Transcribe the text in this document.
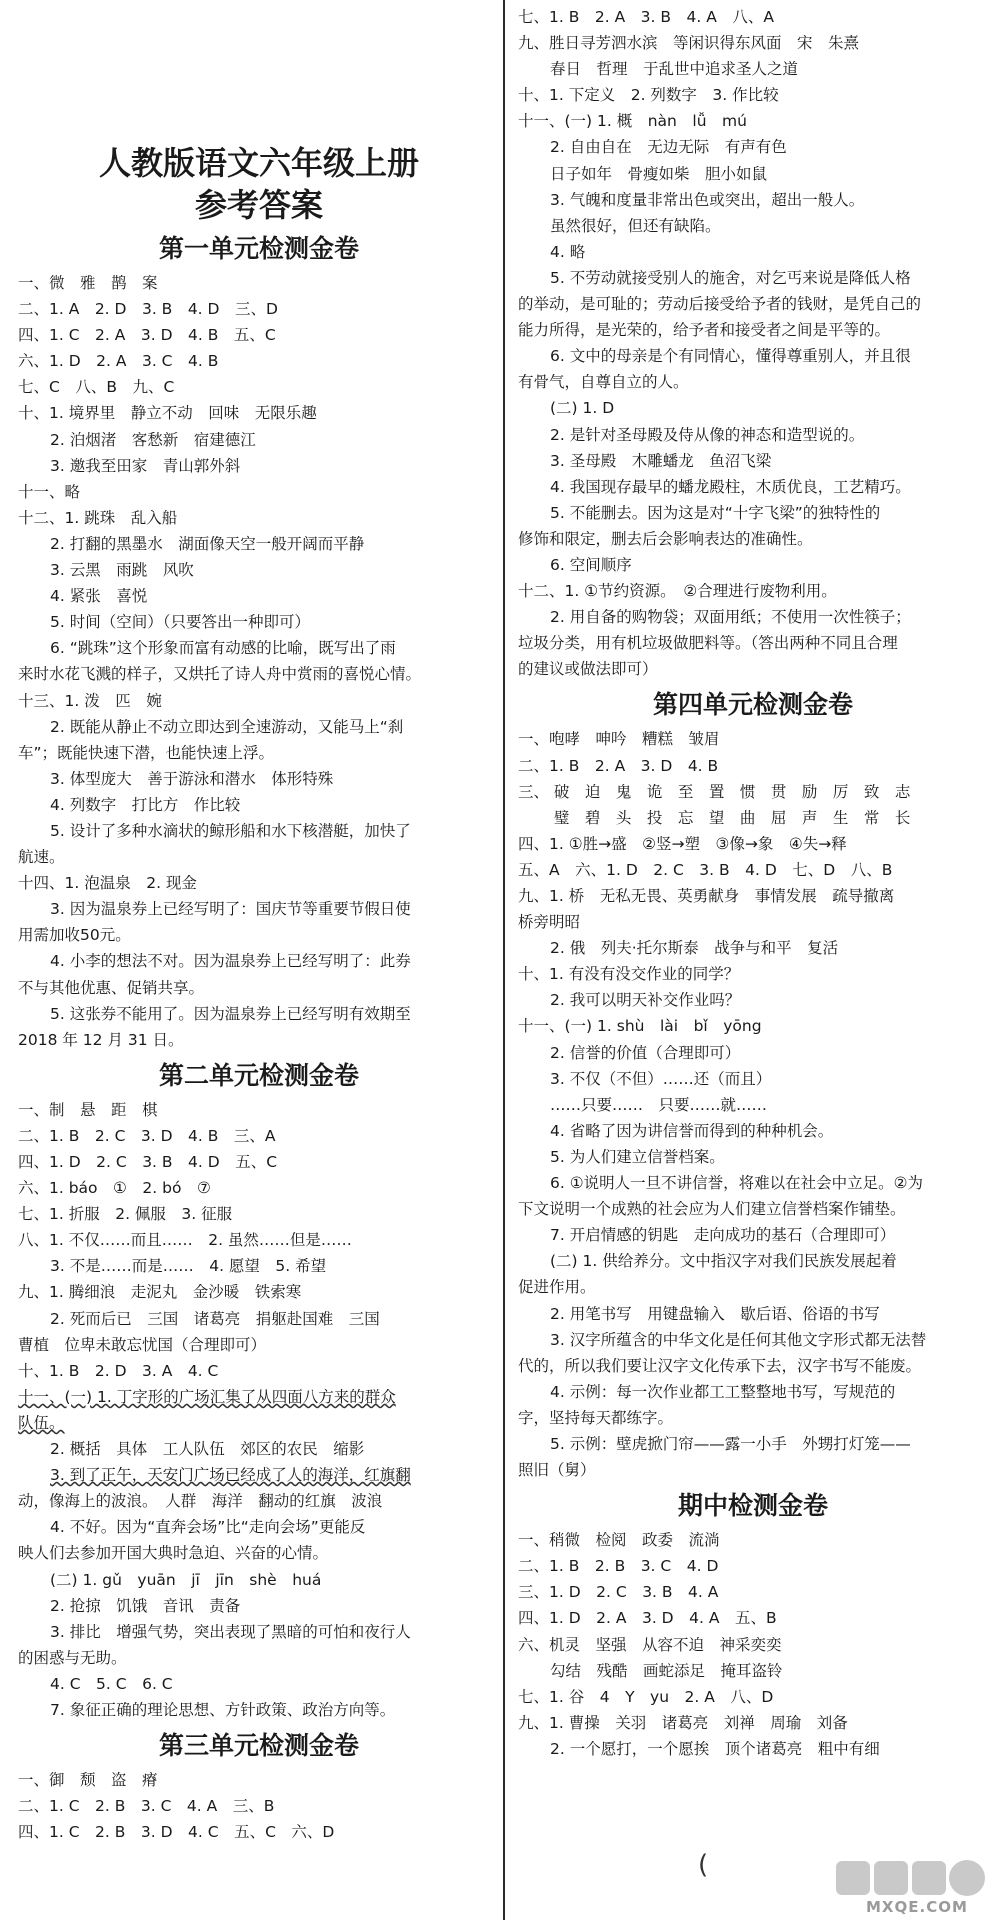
人教版语文六年级上册
参考答案
第一单元检测金卷
一、微　雅　鹊　案
二、1. A　2. D　3. B　4. D　三、D
四、1. C　2. A　3. D　4. B　五、C
六、1. D　2. A　3. C　4. B
七、C　八、B　九、C
十、1. 境界里　静立不动　回味　无限乐趣
2. 泊烟渚　客愁新　宿建德江
3. 邀我至田家　青山郭外斜
十一、略
十二、1. 跳珠　乱入船
2. 打翻的黑墨水　湖面像天空一般开阔而平静
3. 云黑　雨跳　风吹
4. 紧张　喜悦
5. 时间（空间）（只要答出一种即可）
6. “跳珠”这个形象而富有动感的比喻，既写出了雨
来时水花飞溅的样子，又烘托了诗人舟中赏雨的喜悦心情。
十三、1. 泼　匹　婉
2. 既能从静止不动立即达到全速游动，又能马上“刹
车”；既能快速下潜，也能快速上浮。
3. 体型庞大　善于游泳和潜水　体形特殊
4. 列数字　打比方　作比较
5. 设计了多种水滴状的鲸形船和水下核潜艇，加快了
航速。
十四、1. 泡温泉　2. 现金
3. 因为温泉券上已经写明了：国庆节等重要节假日使
用需加收50元。
4. 小李的想法不对。因为温泉券上已经写明了：此券
不与其他优惠、促销共享。
5. 这张券不能用了。因为温泉券上已经写明有效期至
2018 年 12 月 31 日。
第二单元检测金卷
一、制　悬　距　棋
二、1. B　2. C　3. D　4. B　三、A
四、1. D　2. C　3. B　4. D　五、C
六、1. báo　①　2. bó　⑦
七、1. 折服　2. 佩服　3. 征服
八、1. 不仅……而且……　2. 虽然……但是……
3. 不是……而是……　4. 愿望　5. 希望
九、1. 腾细浪　走泥丸　金沙暖　铁索寒
2. 死而后已　三国　诸葛亮　捐躯赴国难　三国
曹植　位卑未敢忘忧国（合理即可）
十、1. B　2. D　3. A　4. C
十一、(一) 1. 丁字形的广场汇集了从四面八方来的群众
队伍。
2. 概括　具体　工人队伍　郊区的农民　缩影
3. 到了正午，天安门广场已经成了人的海洋，红旗翻
动，像海上的波浪。　人群　海洋　翻动的红旗　波浪
4. 不好。因为“直奔会场”比“走向会场”更能反
映人们去参加开国大典时急迫、兴奋的心情。
(二) 1. gǔ　yuān　jī　jīn　shè　huá
2. 抢掠　饥饿　音讯　责备
3. 排比　增强气势，突出表现了黑暗的可怕和夜行人
的困惑与无助。
4. C　5. C　6. C
7. 象征正确的理论思想、方针政策、政治方向等。
第三单元检测金卷
一、御　颓　盗　瘠
二、1. C　2. B　3. C　4. A　三、B
四、1. C　2. B　3. D　4. C　五、C　六、D
七、1. B　2. A　3. B　4. A　八、A
九、胜日寻芳泗水滨　等闲识得东风面　宋　朱熹
春日　哲理　于乱世中追求圣人之道
十、1. 下定义　2. 列数字　3. 作比较
十一、(一) 1. 概　nàn　lǚ　mú
2. 自由自在　无边无际　有声有色
日子如年　骨瘦如柴　胆小如鼠
3. 气魄和度量非常出色或突出，超出一般人。
虽然很好，但还有缺陷。
4. 略
5. 不劳动就接受别人的施舍，对乞丐来说是降低人格
的举动，是可耻的；劳动后接受给予者的钱财，是凭自己的
能力所得，是光荣的，给予者和接受者之间是平等的。
6. 文中的母亲是个有同情心，懂得尊重别人，并且很
有骨气，自尊自立的人。
(二) 1. D
2. 是针对圣母殿及侍从像的神态和造型说的。
3. 圣母殿　木雕蟠龙　鱼沼飞梁
4. 我国现存最早的蟠龙殿柱，木质优良，工艺精巧。
5. 不能删去。因为这是对“十字飞梁”的独特性的
修饰和限定，删去后会影响表达的准确性。
6. 空间顺序
十二、1. ①节约资源。　②合理进行废物利用。
2. 用自备的购物袋；双面用纸；不使用一次性筷子；
垃圾分类，用有机垃圾做肥料等。（答出两种不同且合理
的建议或做法即可）
第四单元检测金卷
一、咆哮　呻吟　糟糕　皱眉
二、1. B　2. A　3. D　4. B
三、 破　迫　鬼　诡　至　置　惯　贯　励　厉　致　志
　　 璧　碧　头　投　忘　望　曲　屈　声　生　常　长
四、1. ①胜→盛　②竖→塑　③像→象　④失→释
五、A　六、1. D　2. C　3. B　4. D　七、D　八、B
九、1. 桥　无私无畏、英勇献身　事情发展　疏导撤离
桥旁明昭
2. 俄　列夫·托尔斯泰　战争与和平　复活
十、1. 有没有没交作业的同学？
2. 我可以明天补交作业吗？
十一、(一) 1. shù　lài　bǐ　yōng
2. 信誉的价值（合理即可）
3. 不仅（不但）……还（而且）
……只要……　只要……就……
4. 省略了因为讲信誉而得到的种种机会。
5. 为人们建立信誉档案。
6. ①说明人一旦不讲信誉，将难以在社会中立足。②为
下文说明一个成熟的社会应为人们建立信誉档案作铺垫。
7. 开启情感的钥匙　走向成功的基石（合理即可）
(二) 1. 供给养分。文中指汉字对我们民族发展起着
促进作用。
2. 用笔书写　用键盘输入　歇后语、俗语的书写
3. 汉字所蕴含的中华文化是任何其他文字形式都无法替
代的，所以我们要让汉字文化传承下去，汉字书写不能废。
4. 示例：每一次作业都工工整整地书写，写规范的
字，坚持每天都练字。
5. 示例：壁虎掀门帘——露一小手　外甥打灯笼——
照旧（舅）
期中检测金卷
一、稍微　检阅　政委　流淌
二、1. B　2. B　3. C　4. D
三、1. D　2. C　3. B　4. A
四、1. D　2. A　3. D　4. A　五、B
六、机灵　坚强　从容不迫　神采奕奕
勾结　残酷　画蛇添足　掩耳盗铃
七、1. 谷　4　Y　yu　2. A　八、D
九、1. 曹操　关羽　诸葛亮　刘禅　周瑜　刘备
2. 一个愿打，一个愿挨　顶个诸葛亮　粗中有细
(
MXQE.COM
